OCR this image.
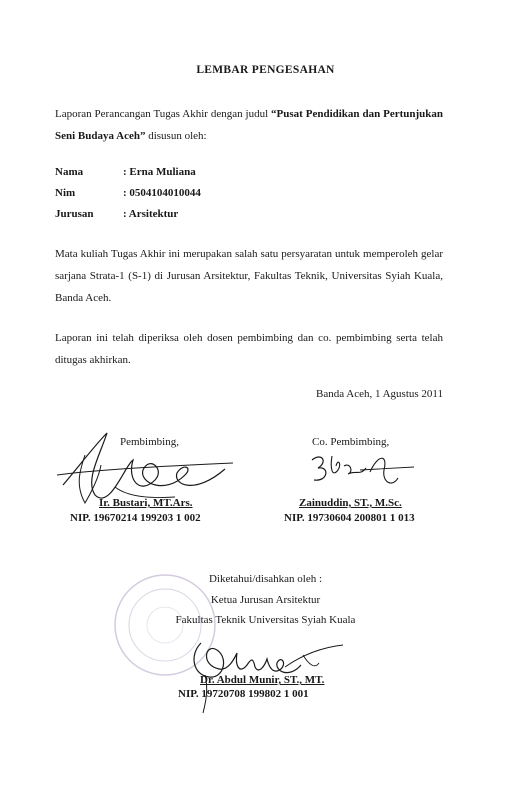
LEMBAR PENGESAHAN
Laporan Perancangan Tugas Akhir dengan judul “Pusat Pendidikan dan Pertunjukan Seni Budaya Aceh” disusun oleh:
Nama	: Erna Muliana
Nim	: 0504104010044
Jurusan	: Arsitektur
Mata kuliah Tugas Akhir ini merupakan salah satu persyaratan untuk memperoleh gelar sarjana Strata-1 (S-1) di Jurusan Arsitektur, Fakultas Teknik, Universitas Syiah Kuala, Banda Aceh.
Laporan ini telah diperiksa oleh dosen pembimbing dan co. pembimbing serta telah ditugas akhirkan.
Banda Aceh, 1 Agustus 2011
Pembimbing,
Ir. Bustari, MT.Ars.
NIP. 19670214 199203 1 002
Co. Pembimbing,
Zainuddin, ST., M.Sc.
NIP. 19730604 200801 1 013
Diketahui/disahkan oleh :
Ketua Jurusan Arsitektur
Fakultas Teknik Universitas Syiah Kuala
Dr. Abdul Munir, ST., MT.
NIP. 19720708 199802 1 001
